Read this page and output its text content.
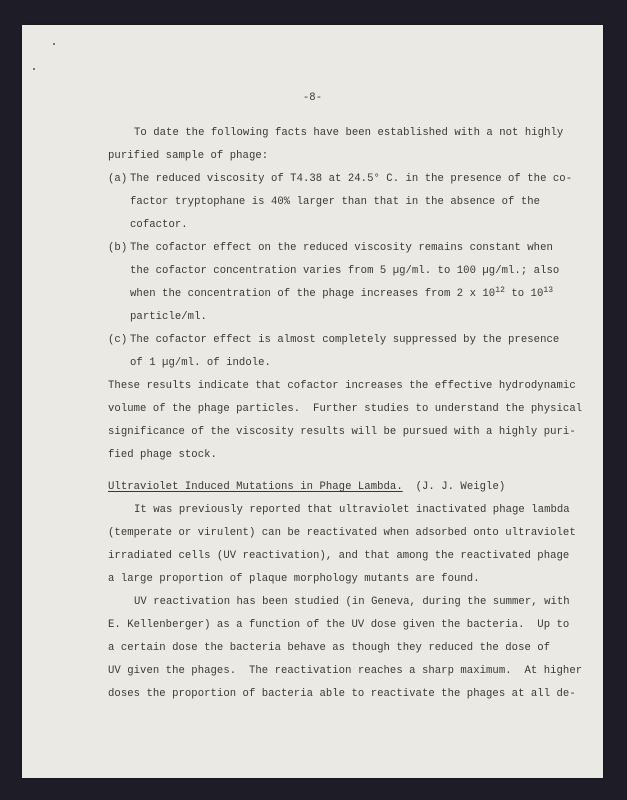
-8-
To date the following facts have been established with a not highly
purified sample of phage:
(a) The reduced viscosity of T4.38 at 24.5° C. in the presence of the co-
factor tryptophane is 40% larger than that in the absence of the
cofactor.
(b) The cofactor effect on the reduced viscosity remains constant when
the cofactor concentration varies from 5 µg/ml. to 100 µg/ml.; also
when the concentration of the phage increases from 2 x $10^{12}$ to $10^{13}$
particle/ml.
(c) The cofactor effect is almost completely suppressed by the presence
of 1 µg/ml. of indole.
These results indicate that cofactor increases the effective hydrodynamic
volume of the phage particles.  Further studies to understand the physical
significance of the viscosity results will be pursued with a highly puri-
fied phage stock.
Ultraviolet Induced Mutations in Phage Lambda. (J. J. Weigle)
It was previously reported that ultraviolet inactivated phage lambda
(temperate or virulent) can be reactivated when adsorbed onto ultraviolet
irradiated cells (UV reactivation), and that among the reactivated phage
a large proportion of plaque morphology mutants are found.
UV reactivation has been studied (in Geneva, during the summer, with
E. Kellenberger) as a function of the UV dose given the bacteria.  Up to
a certain dose the bacteria behave as though they reduced the dose of
UV given the phages.  The reactivation reaches a sharp maximum.  At higher
doses the proportion of bacteria able to reactivate the phages at all de-
